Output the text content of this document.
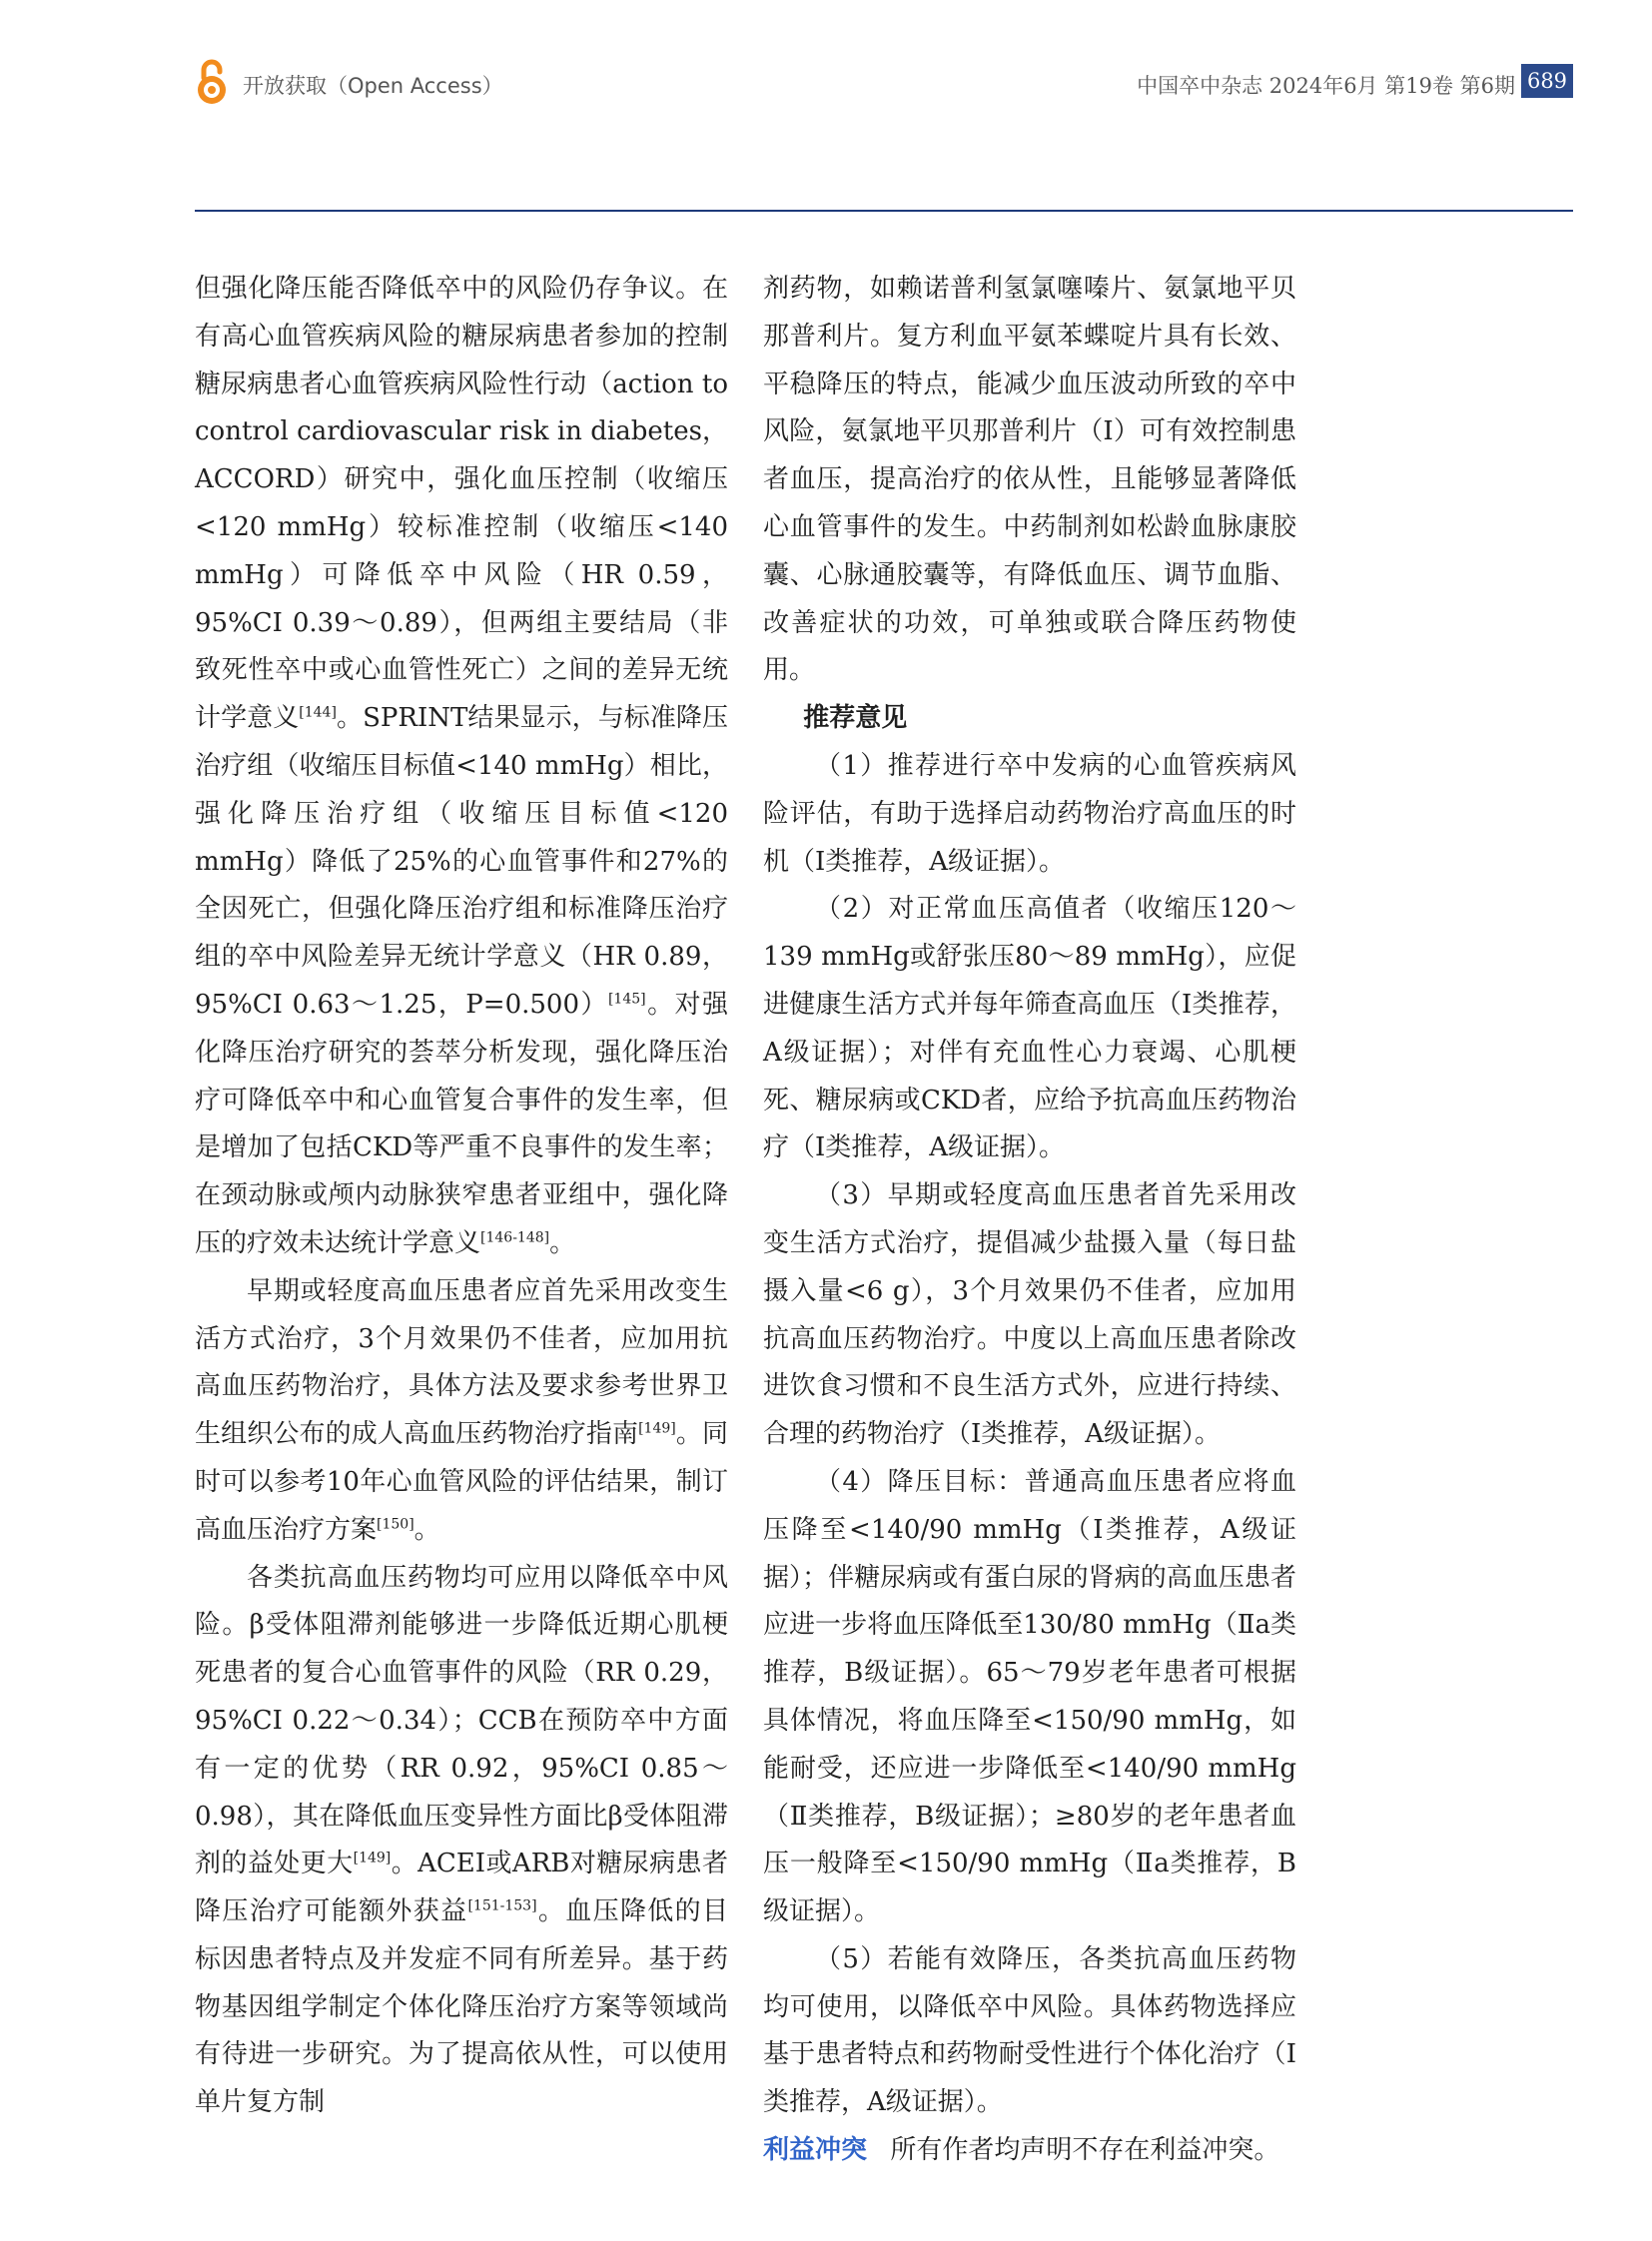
开放获取（Open Access）	中国卒中杂志 2024年6月 第19卷 第6期 689

但强化降压能否降低卒中的风险仍存争议。在有高心血管疾病风险的糖尿病患者参加的控制糖尿病患者心血管疾病风险性行动（action to control cardiovascular risk in diabetes，ACCORD）研究中，强化血压控制（收缩压<120 mmHg）较标准控制（收缩压<140 mmHg）可降低卒中风险（HR 0.59，95%CI 0.39～0.89），但两组主要结局（非致死性卒中或心血管性死亡）之间的差异无统计学意义[144]。SPRINT结果显示，与标准降压治疗组（收缩压目标值<140 mmHg）相比，强化降压治疗组（收缩压目标值<120 mmHg）降低了25%的心血管事件和27%的全因死亡，但强化降压治疗组和标准降压治疗组的卒中风险差异无统计学意义（HR 0.89，95%CI 0.63～1.25，P=0.500）[145]。对强化降压治疗研究的荟萃分析发现，强化降压治疗可降低卒中和心血管复合事件的发生率，但是增加了包括CKD等严重不良事件的发生率；在颈动脉或颅内动脉狭窄患者亚组中，强化降压的疗效未达统计学意义[146-148]。

早期或轻度高血压患者应首先采用改变生活方式治疗，3个月效果仍不佳者，应加用抗高血压药物治疗，具体方法及要求参考世界卫生组织公布的成人高血压药物治疗指南[149]。同时可以参考10年心血管风险的评估结果，制订高血压治疗方案[150]。

各类抗高血压药物均可应用以降低卒中风险。β受体阻滞剂能够进一步降低近期心肌梗死患者的复合心血管事件的风险（RR 0.29，95%CI 0.22～0.34）；CCB在预防卒中方面有一定的优势（RR 0.92，95%CI 0.85～0.98），其在降低血压变异性方面比β受体阻滞剂的益处更大[149]。ACEI或ARB对糖尿病患者降压治疗可能额外获益[151-153]。血压降低的目标因患者特点及并发症不同有所差异。基于药物基因组学制定个体化降压治疗方案等领域尚有待进一步研究。为了提高依从性，可以使用单片复方制

剂药物，如赖诺普利氢氯噻嗪片、氨氯地平贝那普利片。复方利血平氨苯蝶啶片具有长效、平稳降压的特点，能减少血压波动所致的卒中风险，氨氯地平贝那普利片（Ⅰ）可有效控制患者血压，提高治疗的依从性，且能够显著降低心血管事件的发生。中药制剂如松龄血脉康胶囊、心脉通胶囊等，有降低血压、调节血脂、改善症状的功效，可单独或联合降压药物使用。

推荐意见

（1）推荐进行卒中发病的心血管疾病风险评估，有助于选择启动药物治疗高血压的时机（Ⅰ类推荐，A级证据）。

（2）对正常血压高值者（收缩压120～139 mmHg或舒张压80～89 mmHg），应促进健康生活方式并每年筛查高血压（Ⅰ类推荐，A级证据）；对伴有充血性心力衰竭、心肌梗死、糖尿病或CKD者，应给予抗高血压药物治疗（Ⅰ类推荐，A级证据）。

（3）早期或轻度高血压患者首先采用改变生活方式治疗，提倡减少盐摄入量（每日盐摄入量<6 g），3个月效果仍不佳者，应加用抗高血压药物治疗。中度以上高血压患者除改进饮食习惯和不良生活方式外，应进行持续、合理的药物治疗（Ⅰ类推荐，A级证据）。

（4）降压目标：普通高血压患者应将血压降至<140/90 mmHg（Ⅰ类推荐，A级证据）；伴糖尿病或有蛋白尿的肾病的高血压患者应进一步将血压降低至130/80 mmHg（Ⅱa类推荐，B级证据）。65～79岁老年患者可根据具体情况，将血压降至<150/90 mmHg，如能耐受，还应进一步降低至<140/90 mmHg（Ⅱ类推荐，B级证据）；≥80岁的老年患者血压一般降至<150/90 mmHg（Ⅱa类推荐，B级证据）。

（5）若能有效降压，各类抗高血压药物均可使用，以降低卒中风险。具体药物选择应基于患者特点和药物耐受性进行个体化治疗（Ⅰ类推荐，A级证据）。

利益冲突 所有作者均声明不存在利益冲突。
